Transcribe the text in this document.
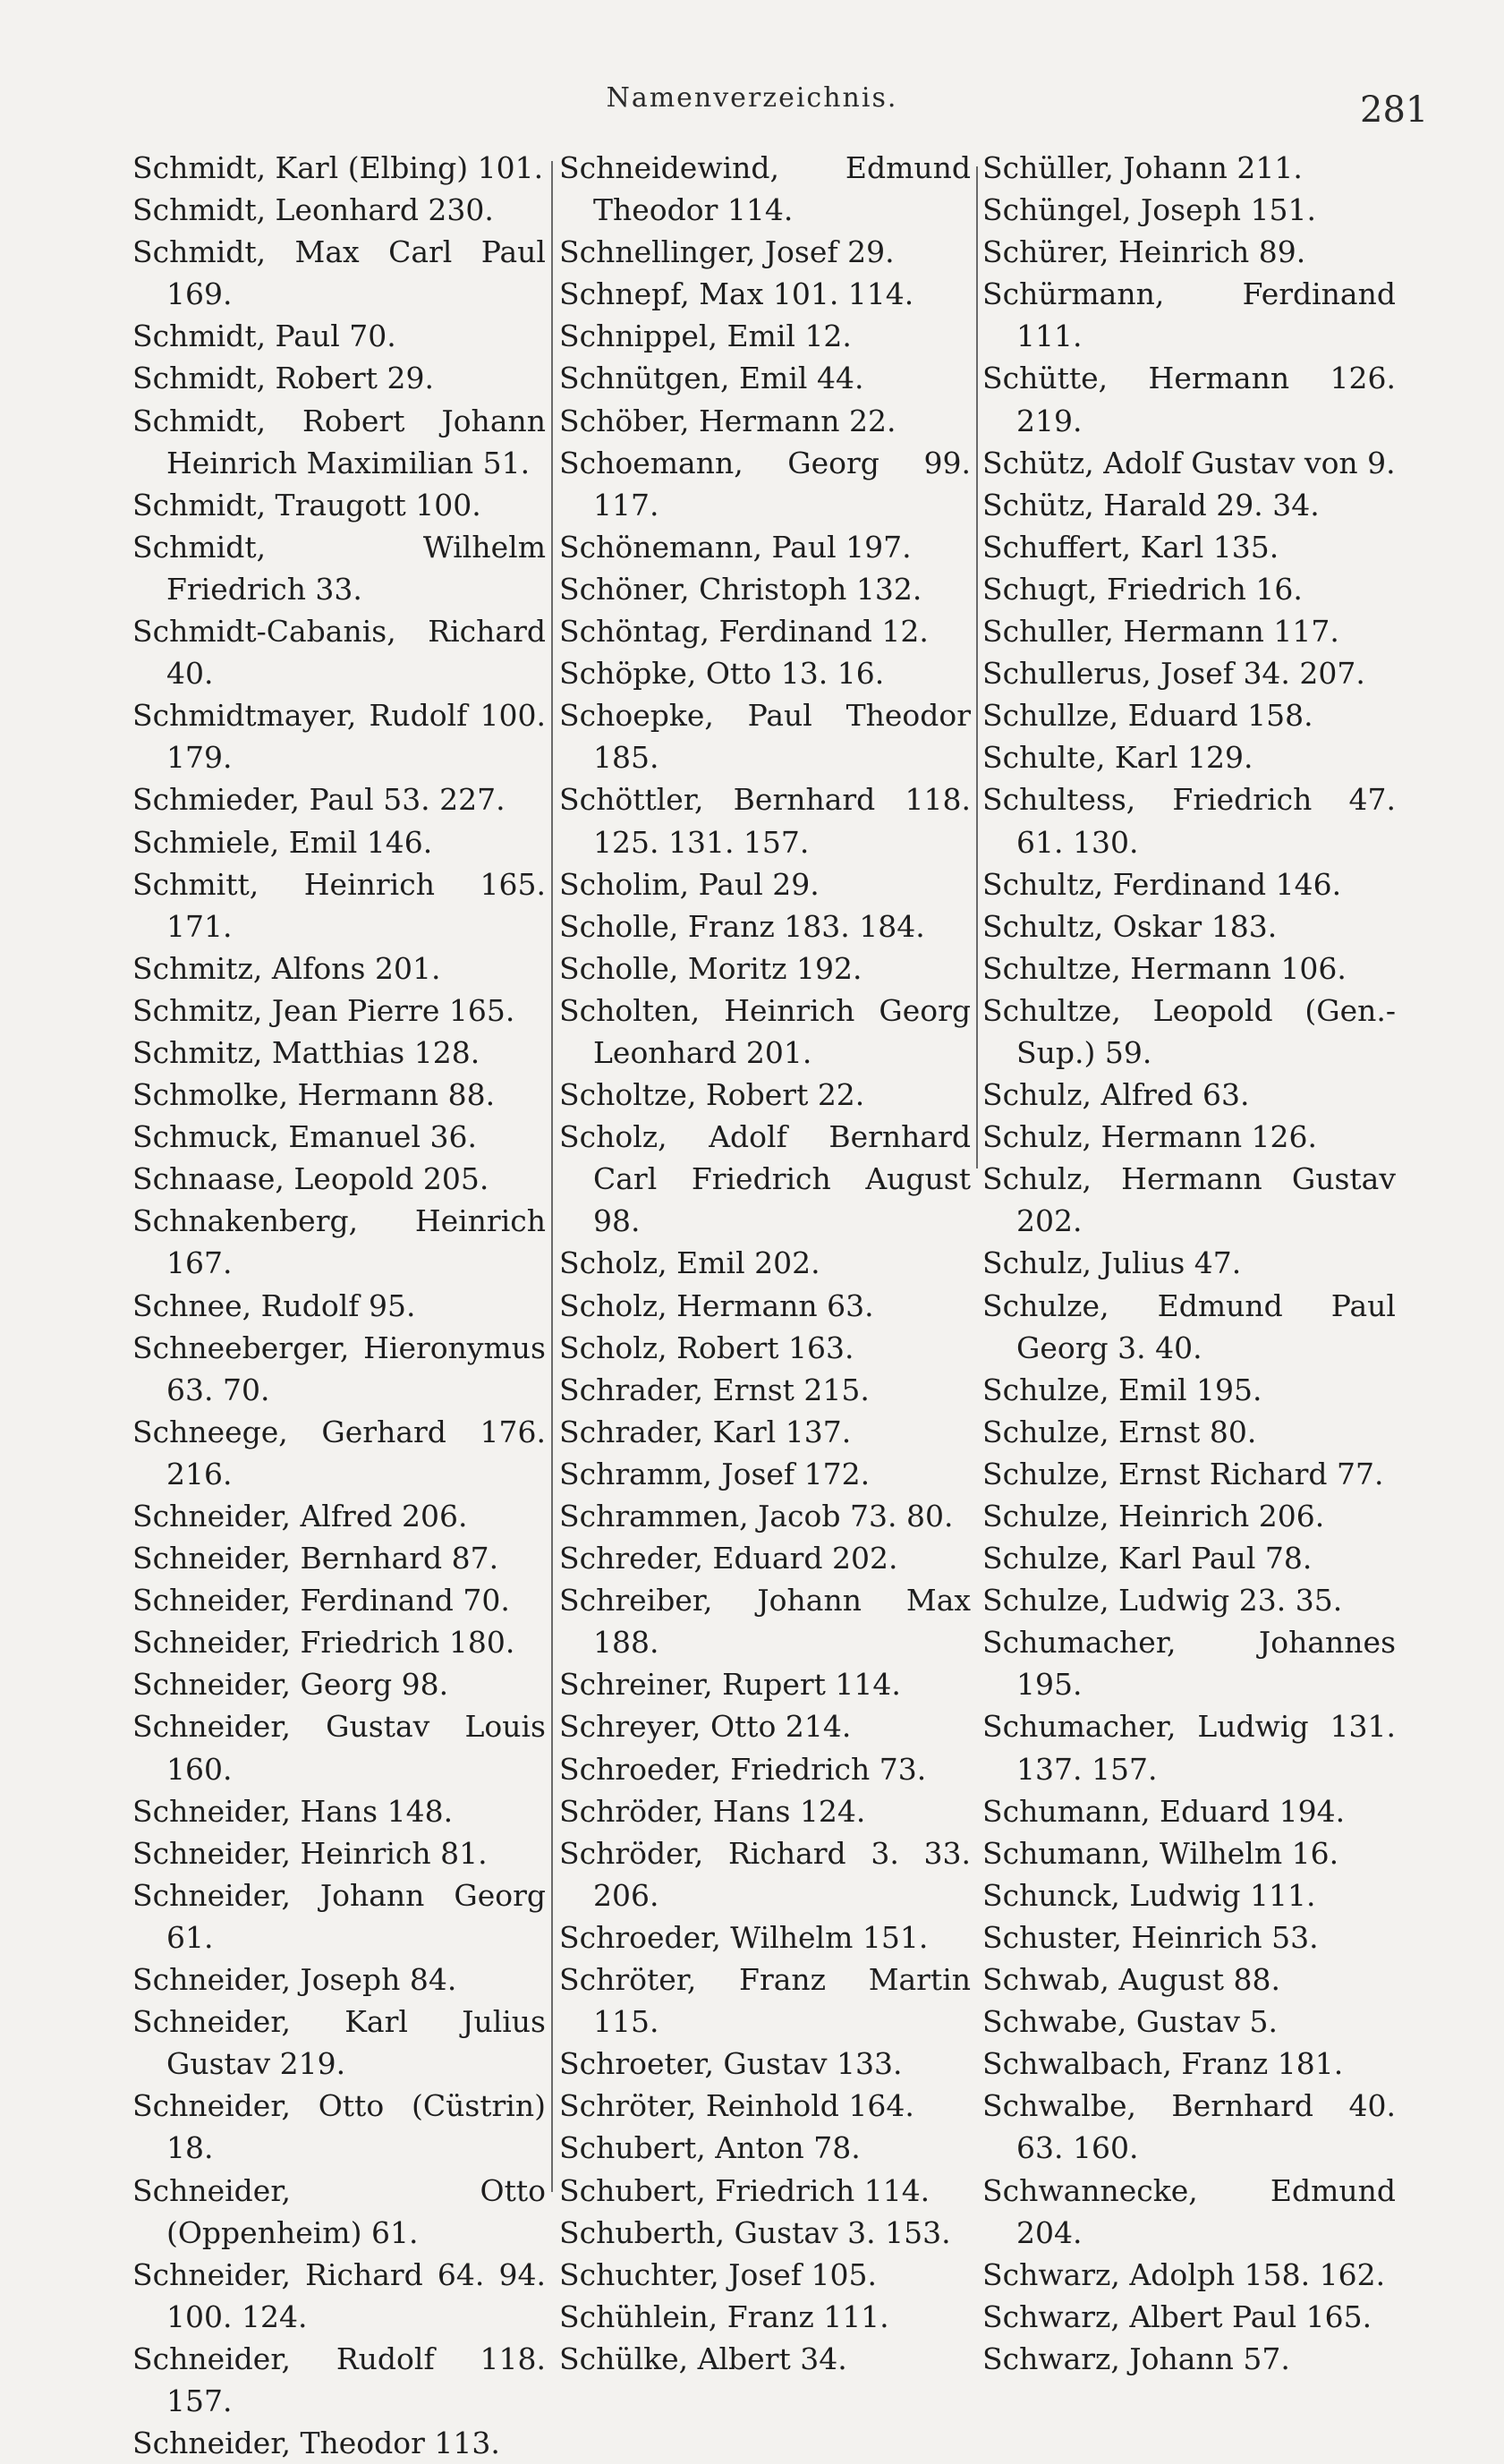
Namenverzeichnis.	281
Schmidt, Karl (Elbing) 101.
Schmidt, Leonhard 230.
Schmidt, Max Carl Paul 169.
Schmidt, Paul 70.
Schmidt, Robert 29.
Schmidt, Robert Johann Heinrich Maximilian 51.
Schmidt, Traugott 100.
Schmidt, Wilhelm Friedrich 33.
Schmidt-Cabanis, Richard 40.
Schmidtmayer, Rudolf 100. 179.
Schmieder, Paul 53. 227.
Schmiele, Emil 146.
Schmitt, Heinrich 165. 171.
Schmitz, Alfons 201.
Schmitz, Jean Pierre 165.
Schmitz, Matthias 128.
Schmolke, Hermann 88.
Schmuck, Emanuel 36.
Schnaase, Leopold 205.
Schnakenberg, Heinrich 167.
Schnee, Rudolf 95.
Schneeberger, Hieronymus 63. 70.
Schneege, Gerhard 176. 216.
Schneider, Alfred 206.
Schneider, Bernhard 87.
Schneider, Ferdinand 70.
Schneider, Friedrich 180.
Schneider, Georg 98.
Schneider, Gustav Louis 160.
Schneider, Hans 148.
Schneider, Heinrich 81.
Schneider, Johann Georg 61.
Schneider, Joseph 84.
Schneider, Karl Julius Gustav 219.
Schneider, Otto (Cüstrin) 18.
Schneider, Otto (Oppenheim) 61.
Schneider, Richard 64. 94. 100. 124.
Schneider, Rudolf 118. 157.
Schneider, Theodor 113.
Schneidewind, Edmund Theodor 114.
Schnellinger, Josef 29.
Schnepf, Max 101. 114.
Schnippel, Emil 12.
Schnütgen, Emil 44.
Schöber, Hermann 22.
Schoemann, Georg 99. 117.
Schönemann, Paul 197.
Schöner, Christoph 132.
Schöntag, Ferdinand 12.
Schöpke, Otto 13. 16.
Schoepke, Paul Theodor 185.
Schöttler, Bernhard 118. 125. 131. 157.
Scholim, Paul 29.
Scholle, Franz 183. 184.
Scholle, Moritz 192.
Scholten, Heinrich Georg Leonhard 201.
Scholtze, Robert 22.
Scholz, Adolf Bernhard Carl Friedrich August 98.
Scholz, Emil 202.
Scholz, Hermann 63.
Scholz, Robert 163.
Schrader, Ernst 215.
Schrader, Karl 137.
Schramm, Josef 172.
Schrammen, Jacob 73. 80.
Schreder, Eduard 202.
Schreiber, Johann Max 188.
Schreiner, Rupert 114.
Schreyer, Otto 214.
Schroeder, Friedrich 73.
Schröder, Hans 124.
Schröder, Richard 3. 33. 206.
Schroeder, Wilhelm 151.
Schröter, Franz Martin 115.
Schroeter, Gustav 133.
Schröter, Reinhold 164.
Schubert, Anton 78.
Schubert, Friedrich 114.
Schuberth, Gustav 3. 153.
Schuchter, Josef 105.
Schühlein, Franz 111.
Schülke, Albert 34.
Schüller, Johann 211.
Schüngel, Joseph 151.
Schürer, Heinrich 89.
Schürmann, Ferdinand 111.
Schütte, Hermann 126. 219.
Schütz, Adolf Gustav von 9.
Schütz, Harald 29. 34.
Schuffert, Karl 135.
Schugt, Friedrich 16.
Schuller, Hermann 117.
Schullerus, Josef 34. 207.
Schullze, Eduard 158.
Schulte, Karl 129.
Schultess, Friedrich 47. 61. 130.
Schultz, Ferdinand 146.
Schultz, Oskar 183.
Schultze, Hermann 106.
Schultze, Leopold (Gen.-Sup.) 59.
Schulz, Alfred 63.
Schulz, Hermann 126.
Schulz, Hermann Gustav 202.
Schulz, Julius 47.
Schulze, Edmund Paul Georg 3. 40.
Schulze, Emil 195.
Schulze, Ernst 80.
Schulze, Ernst Richard 77.
Schulze, Heinrich 206.
Schulze, Karl Paul 78.
Schulze, Ludwig 23. 35.
Schumacher, Johannes 195.
Schumacher, Ludwig 131. 137. 157.
Schumann, Eduard 194.
Schumann, Wilhelm 16.
Schunck, Ludwig 111.
Schuster, Heinrich 53.
Schwab, August 88.
Schwabe, Gustav 5.
Schwalbach, Franz 181.
Schwalbe, Bernhard 40. 63. 160.
Schwannecke, Edmund 204.
Schwarz, Adolph 158. 162.
Schwarz, Albert Paul 165.
Schwarz, Johann 57.
